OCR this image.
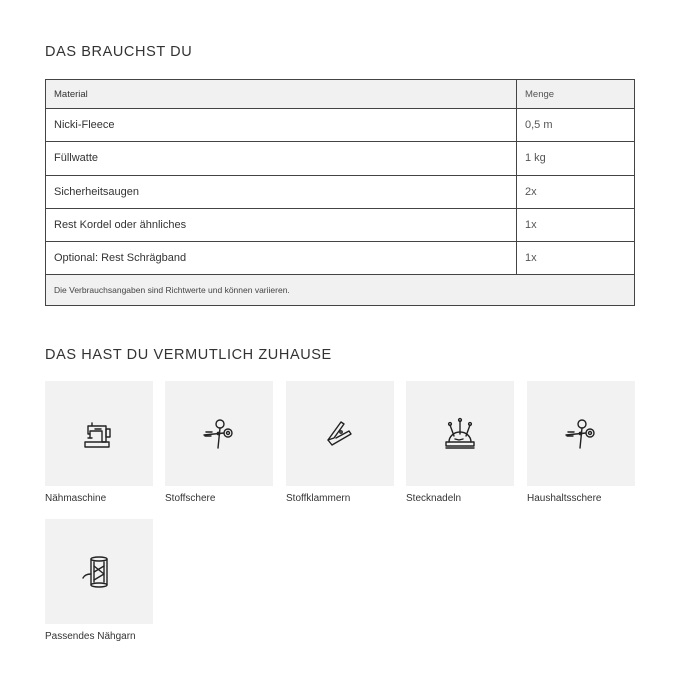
DAS BRAUCHST DU
Material	Menge
Nicki-Fleece	0,5 m
Füllwatte	1 kg
Sicherheitsaugen	2x
Rest Kordel oder ähnliches	1x
Optional: Rest Schrägband	1x
Die Verbrauchsangaben sind Richtwerte und können variieren.	
DAS HAST DU VERMUTLICH ZUHAUSE
Nähmaschine	Stoffschere	Stoffklammern	Stecknadeln	Haushaltsschere
Passendes Nähgarn
